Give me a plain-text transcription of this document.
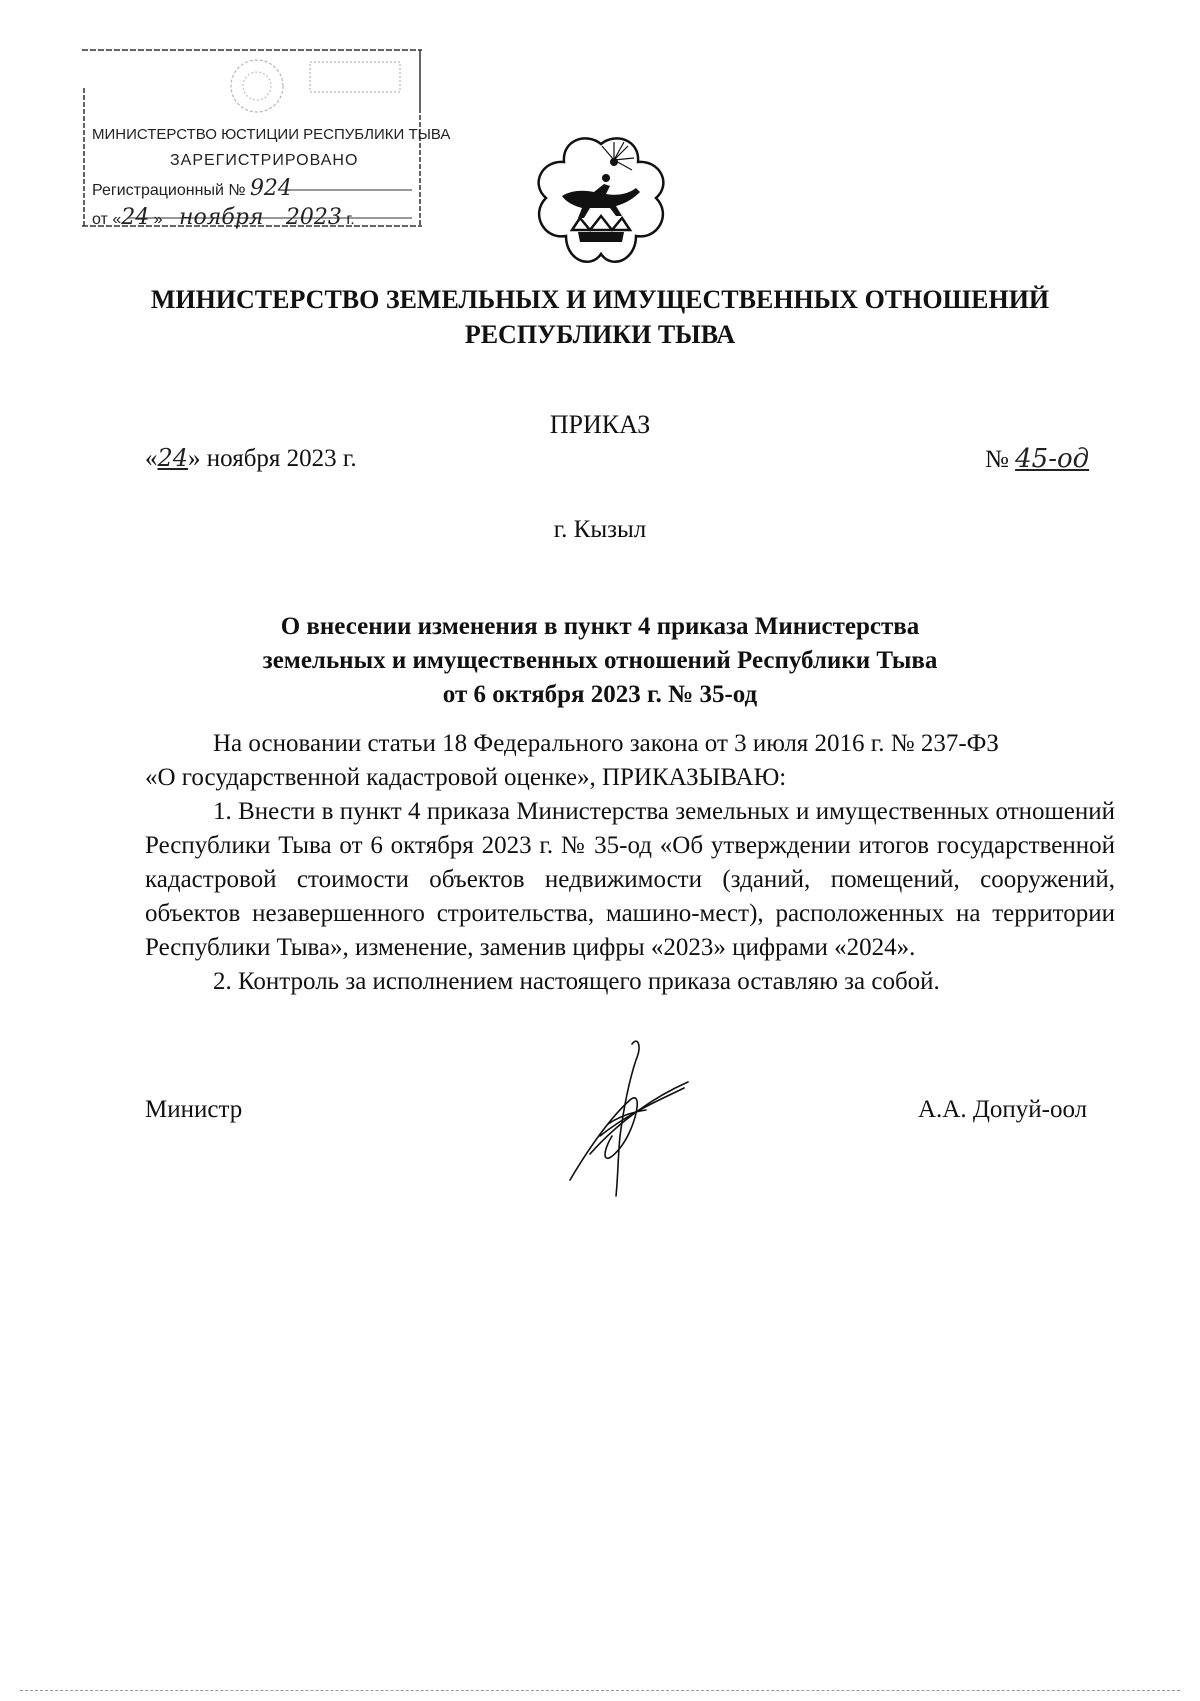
МИНИСТЕРСТВО ЮСТИЦИИ РЕСПУБЛИКИ ТЫВА
ЗАРЕГИСТРИРОВАНО
Регистрационный № 924
от «24 » ноября 2023 г.
МИНИСТЕРСТВО ЗЕМЕЛЬНЫХ И ИМУЩЕСТВЕННЫХ ОТНОШЕНИЙ
РЕСПУБЛИКИ ТЫВА
ПРИКАЗ
«24» ноября 2023 г.	№ 45-од
г. Кызыл
О внесении изменения в пункт 4 приказа Министерства
земельных и имущественных отношений Республики Тыва
от 6 октября 2023 г. № 35-од

На основании статьи 18 Федерального закона от 3 июля 2016 г. № 237-ФЗ

«О государственной кадастровой оценке», ПРИКАЗЫВАЮ:

1. Внести в пункт 4 приказа Министерства земельных и имущественных отношений Республики Тыва от 6 октября 2023 г. № 35-од «Об утверждении итогов государственной кадастровой стоимости объектов недвижимости (зданий, помещений, сооружений, объектов незавершенного строительства, машино-мест), расположенных на территории Республики Тыва», изменение, заменив цифры «2023» цифрами «2024».

2. Контроль за исполнением настоящего приказа оставляю за собой.

Министр	А.А. Допуй-оол
